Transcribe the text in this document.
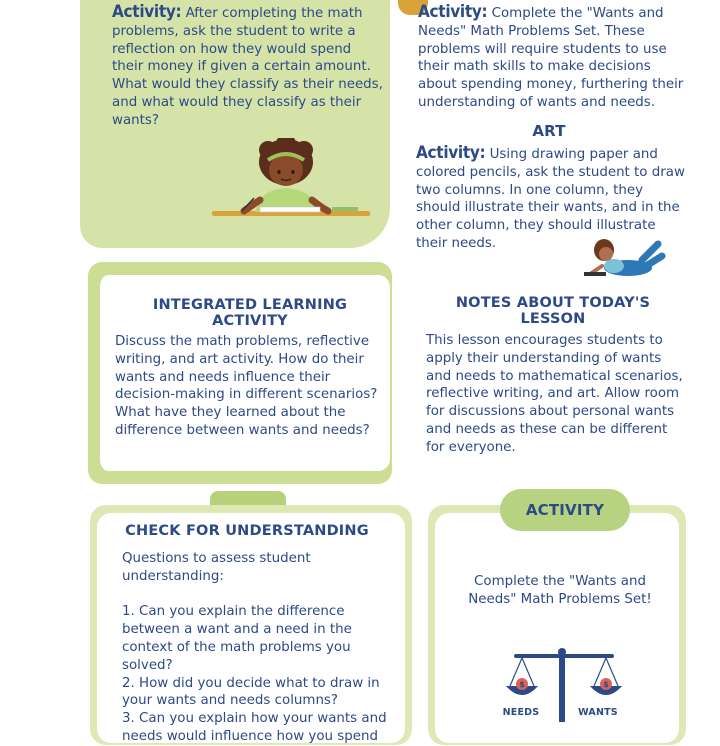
Activity: After completing the math problems, ask the student to write a reflection on how they would spend their money if given a certain amount. What would they classify as their needs, and what would they classify as their wants?
Activity: Complete the "Wants and Needs" Math Problems Set. These problems will require students to use their math skills to make decisions about spending money, furthering their understanding of wants and needs.
ART
Activity: Using drawing paper and colored pencils, ask the student to draw two columns. In one column, they should illustrate their wants, and in the other column, they should illustrate their needs.
INTEGRATED LEARNING ACTIVITY
Discuss the math problems, reflective writing, and art activity. How do their wants and needs influence their decision-making in different scenarios? What have they learned about the difference between wants and needs?
NOTES ABOUT TODAY'S LESSON
This lesson encourages students to apply their understanding of wants and needs to mathematical scenarios, reflective writing, and art. Allow room for discussions about personal wants and needs as these can be different for everyone.
CHECK FOR UNDERSTANDING
Questions to assess student understanding:
1. Can you explain the difference between a want and a need in the context of the math problems you solved?
2. How did you decide what to draw in your wants and needs columns?
3. Can you explain how your wants and needs would influence how you spend
ACTIVITY
Complete the "Wants and Needs" Math Problems Set!
$	$
NEEDS	WANTS
